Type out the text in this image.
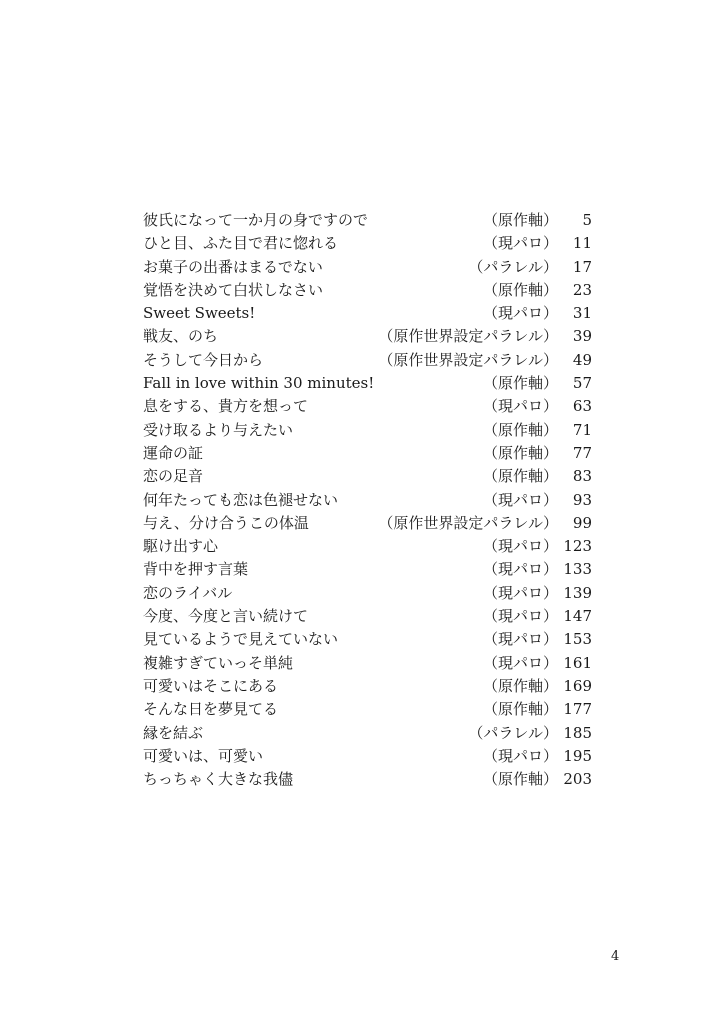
彼氏になって一か月の身ですので	（原作軸） 5
ひと目、ふた目で君に惚れる	（現パロ） 11
お菓子の出番はまるでない	（パラレル） 17
覚悟を決めて白状しなさい	（原作軸） 23
Sweet Sweets!	（現パロ） 31
戦友、のち	（原作世界設定パラレル） 39
そうして今日から	（原作世界設定パラレル） 49
Fall in love within 30 minutes!	（原作軸） 57
息をする、貴方を想って	（現パロ） 63
受け取るより与えたい	（原作軸） 71
運命の証	（原作軸） 77
恋の足音	（原作軸） 83
何年たっても恋は色褪せない	（現パロ） 93
与え、分け合うこの体温	（原作世界設定パラレル） 99
駆け出す心	（現パロ） 123
背中を押す言葉	（現パロ） 133
恋のライバル	（現パロ） 139
今度、今度と言い続けて	（現パロ） 147
見ているようで見えていない	（現パロ） 153
複雑すぎていっそ単純	（現パロ） 161
可愛いはそこにある	（原作軸） 169
そんな日を夢見てる	（原作軸） 177
縁を結ぶ	（パラレル） 185
可愛いは、可愛い	（現パロ） 195
ちっちゃく大きな我儘	（原作軸） 203
4
